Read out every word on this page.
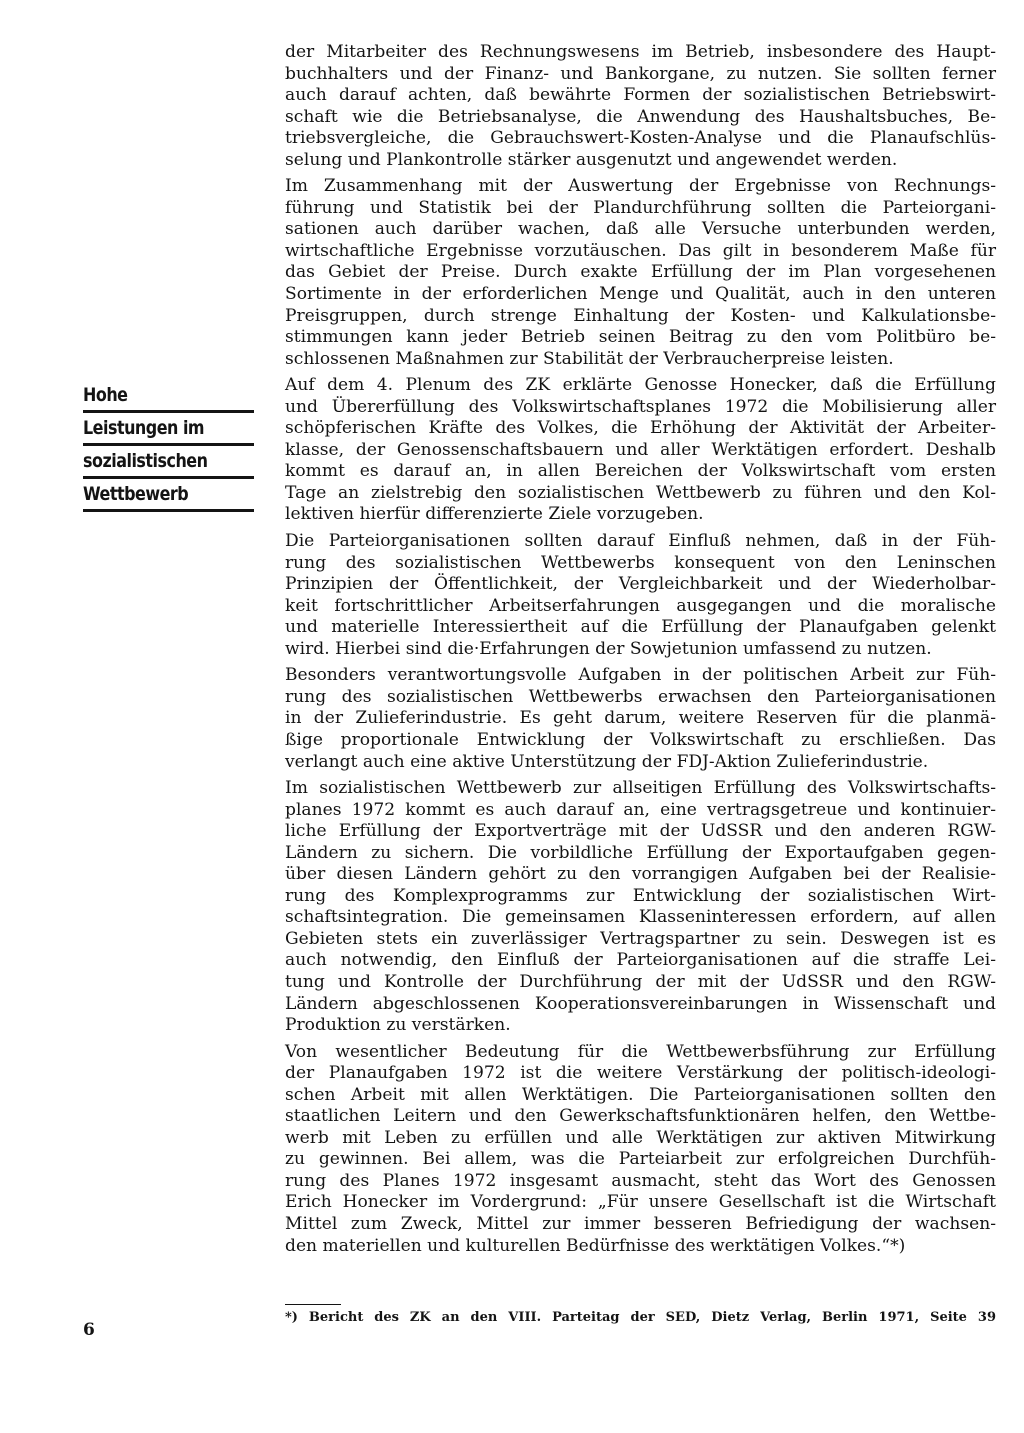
Hohe
Leistungen im
sozialistischen
Wettbewerb
der Mitarbeiter des Rechnungswesens im Betrieb, insbesondere des Haupt-
buchhalters und der Finanz- und Bankorgane, zu nutzen. Sie sollten ferner
auch darauf achten, daß bewährte Formen der sozialistischen Betriebswirt-
schaft wie die Betriebsanalyse, die Anwendung des Haushaltsbuches, Be-
triebsvergleiche, die Gebrauchswert-Kosten-Analyse und die Planaufschlüs-
selung und Plankontrolle stärker ausgenutzt und angewendet werden.
Im Zusammenhang mit der Auswertung der Ergebnisse von Rechnungs-
führung und Statistik bei der Plandurchführung sollten die Parteiorgani-
sationen auch darüber wachen, daß alle Versuche unterbunden werden,
wirtschaftliche Ergebnisse vorzutäuschen. Das gilt in besonderem Maße für
das Gebiet der Preise. Durch exakte Erfüllung der im Plan vorgesehenen
Sortimente in der erforderlichen Menge und Qualität, auch in den unteren
Preisgruppen, durch strenge Einhaltung der Kosten- und Kalkulationsbe-
stimmungen kann jeder Betrieb seinen Beitrag zu den vom Politbüro be-
schlossenen Maßnahmen zur Stabilität der Verbraucherpreise leisten.
Auf dem 4. Plenum des ZK erklärte Genosse Honecker, daß die Erfüllung
und Übererfüllung des Volkswirtschaftsplanes 1972 die Mobilisierung aller
schöpferischen Kräfte des Volkes, die Erhöhung der Aktivität der Arbeiter-
klasse, der Genossenschaftsbauern und aller Werktätigen erfordert. Deshalb
kommt es darauf an, in allen Bereichen der Volkswirtschaft vom ersten
Tage an zielstrebig den sozialistischen Wettbewerb zu führen und den Kol-
lektiven hierfür differenzierte Ziele vorzugeben.
Die Parteiorganisationen sollten darauf Einfluß nehmen, daß in der Füh-
rung des sozialistischen Wettbewerbs konsequent von den Leninschen
Prinzipien der Öffentlichkeit, der Vergleichbarkeit und der Wiederholbar-
keit fortschrittlicher Arbeitserfahrungen ausgegangen und die moralische
und materielle Interessiertheit auf die Erfüllung der Planaufgaben gelenkt
wird. Hierbei sind die·Erfahrungen der Sowjetunion umfassend zu nutzen.
Besonders verantwortungsvolle Aufgaben in der politischen Arbeit zur Füh-
rung des sozialistischen Wettbewerbs erwachsen den Parteiorganisationen
in der Zulieferindustrie. Es geht darum, weitere Reserven für die planmä-
ßige proportionale Entwicklung der Volkswirtschaft zu erschließen. Das
verlangt auch eine aktive Unterstützung der FDJ-Aktion Zulieferindustrie.
Im sozialistischen Wettbewerb zur allseitigen Erfüllung des Volkswirtschafts-
planes 1972 kommt es auch darauf an, eine vertragsgetreue und kontinuier-
liche Erfüllung der Exportverträge mit der UdSSR und den anderen RGW-
Ländern zu sichern. Die vorbildliche Erfüllung der Exportaufgaben gegen-
über diesen Ländern gehört zu den vorrangigen Aufgaben bei der Realisie-
rung des Komplexprogramms zur Entwicklung der sozialistischen Wirt-
schaftsintegration. Die gemeinsamen Klasseninteressen erfordern, auf allen
Gebieten stets ein zuverlässiger Vertragspartner zu sein. Deswegen ist es
auch notwendig, den Einfluß der Parteiorganisationen auf die straffe Lei-
tung und Kontrolle der Durchführung der mit der UdSSR und den RGW-
Ländern abgeschlossenen Kooperationsvereinbarungen in Wissenschaft und
Produktion zu verstärken.
Von wesentlicher Bedeutung für die Wettbewerbsführung zur Erfüllung
der Planaufgaben 1972 ist die weitere Verstärkung der politisch-ideologi-
schen Arbeit mit allen Werktätigen. Die Parteiorganisationen sollten den
staatlichen Leitern und den Gewerkschaftsfunktionären helfen, den Wettbe-
werb mit Leben zu erfüllen und alle Werktätigen zur aktiven Mitwirkung
zu gewinnen. Bei allem, was die Parteiarbeit zur erfolgreichen Durchfüh-
rung des Planes 1972 insgesamt ausmacht, steht das Wort des Genossen
Erich Honecker im Vordergrund: „Für unsere Gesellschaft ist die Wirtschaft
Mittel zum Zweck, Mittel zur immer besseren Befriedigung der wachsen-
den materiellen und kulturellen Bedürfnisse des werktätigen Volkes.“*)
*) Bericht des ZK an den VIII. Parteitag der SED, Dietz Verlag, Berlin 1971, Seite 39
6
